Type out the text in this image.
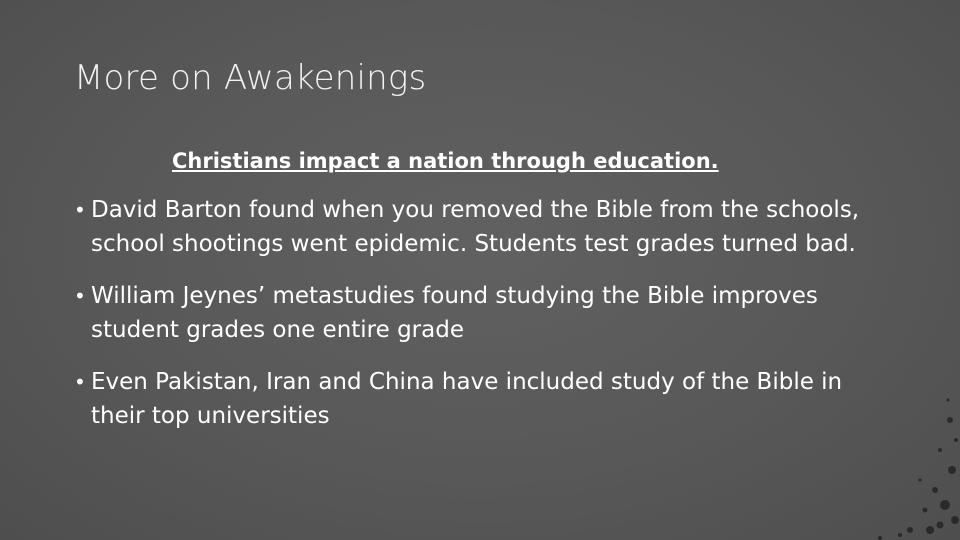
More on Awakenings
Christians impact a nation through education.
• David Barton found when you removed the Bible from the schools, school shootings went epidemic. Students test grades turned bad.
• William Jeynes’ metastudies found studying the Bible improves student grades one entire grade
• Even Pakistan, Iran and China have included study of the Bible in their top universities
